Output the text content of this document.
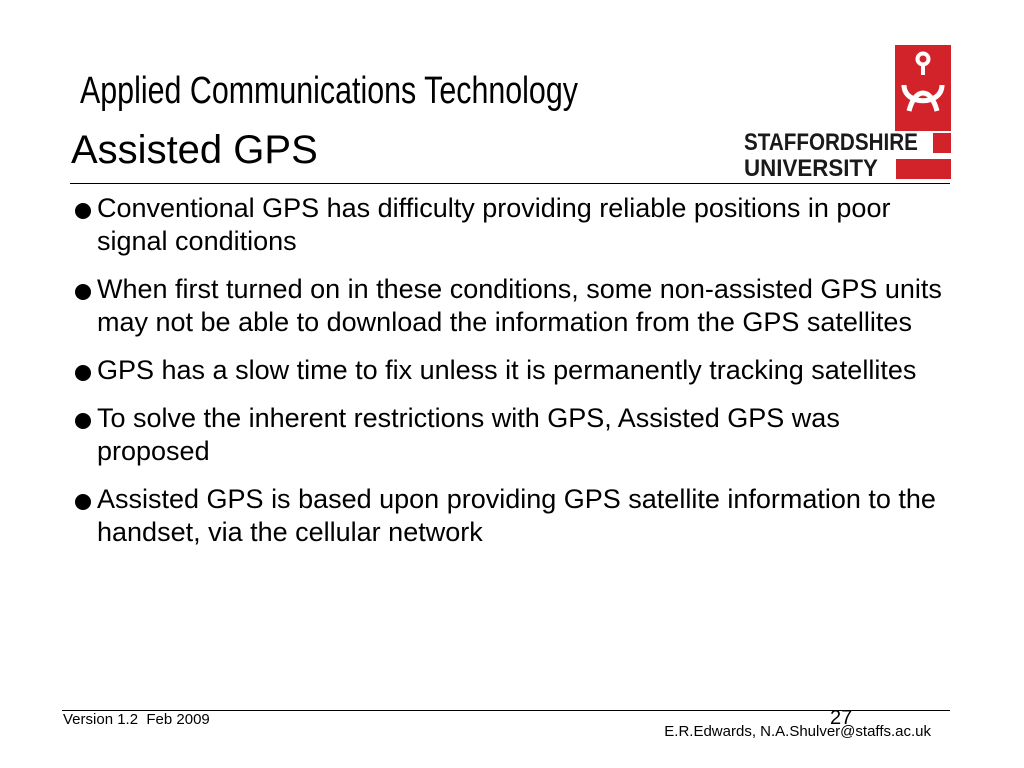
Applied Communications Technology
Assisted GPS	STAFFORDSHIRE
UNIVERSITY
Conventional GPS has difficulty providing reliable positions in poor signal conditions
When first turned on in these conditions, some non-assisted GPS units may not be able to download the information from the GPS satellites
GPS has a slow time to fix unless it is permanently tracking satellites
To solve the inherent restrictions with GPS, Assisted GPS was proposed
Assisted GPS is based upon providing GPS satellite information to the handset, via the cellular network
Version 1.2  Feb 2009	27
E.R.Edwards, N.A.Shulver@staffs.ac.uk
